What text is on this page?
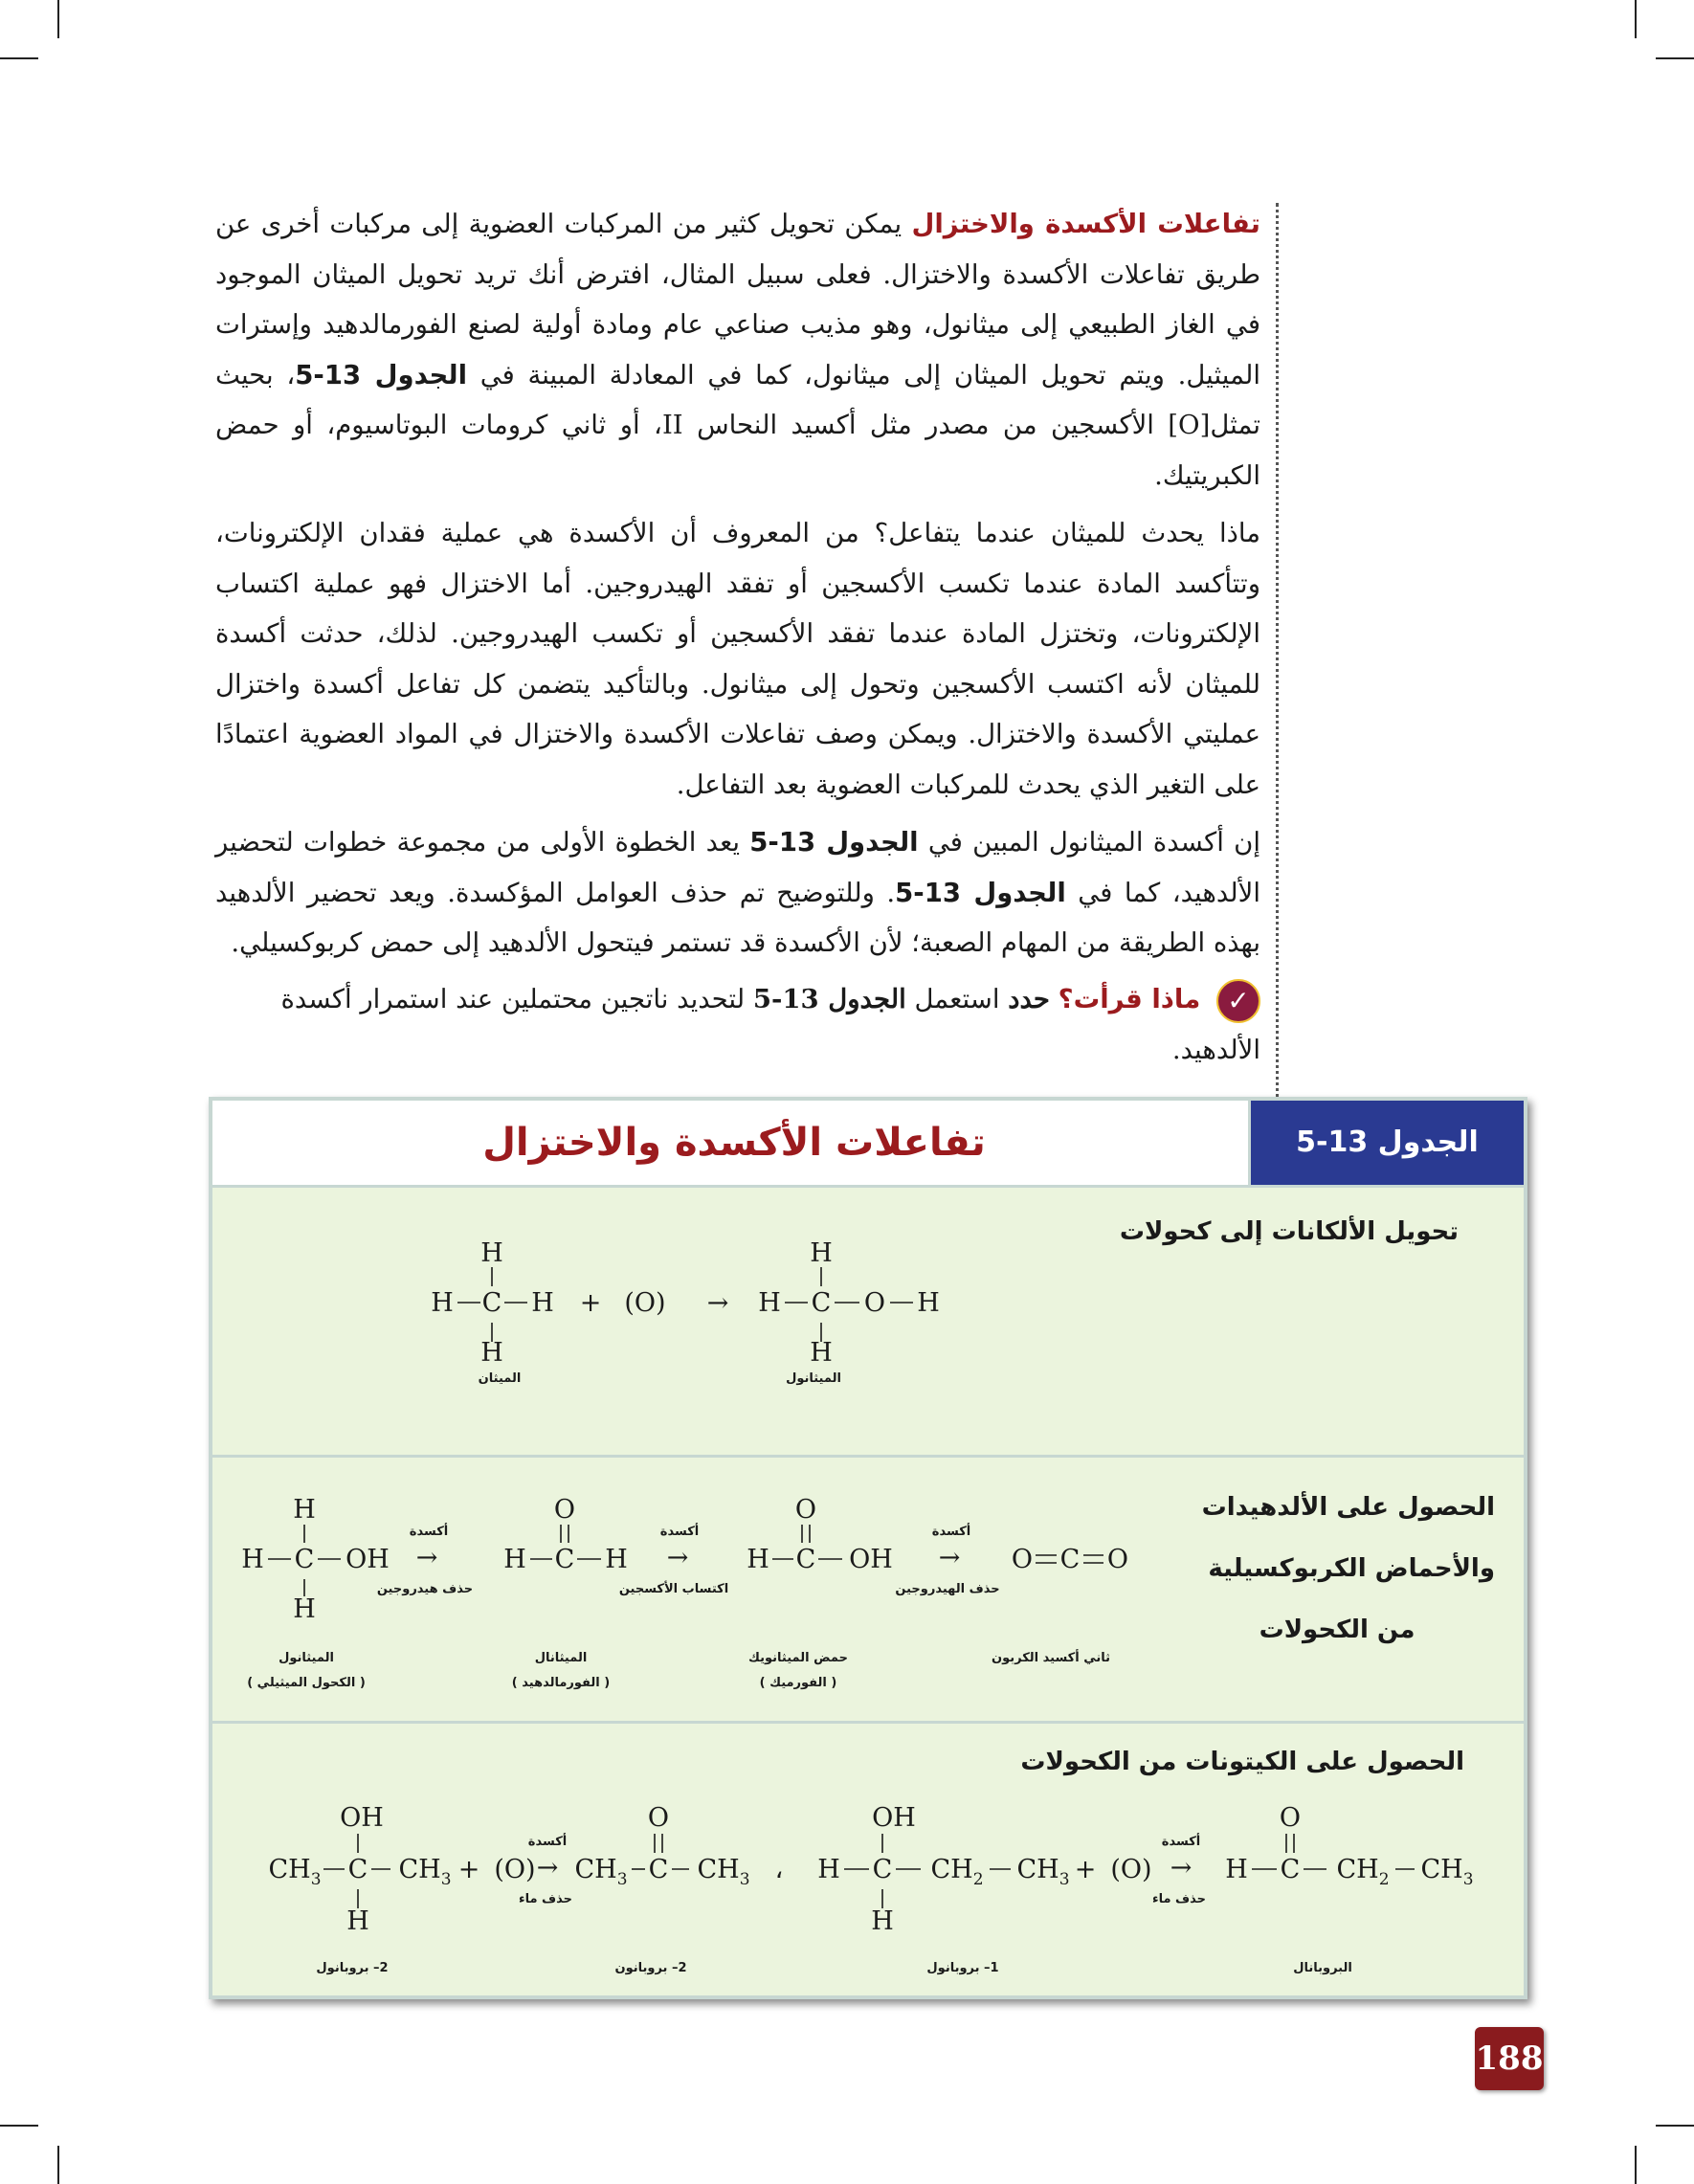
تفاعلات الأكسدة والاختزال يمكن تحويل كثير من المركبات العضوية إلى مركبات أخرى عن طريق تفاعلات الأكسدة والاختزال. فعلى سبيل المثال، افترض أنك تريد تحويل الميثان الموجود في الغاز الطبيعي إلى ميثانول، وهو مذيب صناعي عام ومادة أولية لصنع الفورمالدهيد وإسترات الميثيل. ويتم تحويل الميثان إلى ميثانول، كما في المعادلة المبينة في الجدول 13-5، بحيث تمثل[O] الأكسجين من مصدر مثل أكسيد النحاس II، أو ثاني كرومات البوتاسيوم، أو حمض الكبريتيك.

ماذا يحدث للميثان عندما يتفاعل؟ من المعروف أن الأكسدة هي عملية فقدان الإلكترونات، وتتأكسد المادة عندما تكسب الأكسجين أو تفقد الهيدروجين. أما الاختزال فهو عملية اكتساب الإلكترونات، وتختزل المادة عندما تفقد الأكسجين أو تكسب الهيدروجين. لذلك، حدثت أكسدة للميثان لأنه اكتسب الأكسجين وتحول إلى ميثانول. وبالتأكيد يتضمن كل تفاعل أكسدة واختزال عمليتي الأكسدة والاختزال. ويمكن وصف تفاعلات الأكسدة والاختزال في المواد العضوية اعتمادًا على التغير الذي يحدث للمركبات العضوية بعد التفاعل.

إن أكسدة الميثانول المبين في الجدول 13-5 يعد الخطوة الأولى من مجموعة خطوات لتحضير الألدهيد، كما في الجدول 13-5. وللتوضيح تم حذف العوامل المؤكسدة. ويعد تحضير الألدهيد بهذه الطريقة من المهام الصعبة؛ لأن الأكسدة قد تستمر فيتحول الألدهيد إلى حمض كربوكسيلي.

✓ ماذا قرأت؟ حدد استعمل الجدول 13-5 لتحديد ناتجين محتملين عند استمرار أكسدة الألدهيد.
تفاعلات الأكسدة والاختزال	الجدول 13-5
تحويل الألكانات إلى كحولات
الحصول على الألدهيدات
والأحماض الكربوكسيلية
من الكحولات
الحصول على الكيتونات من الكحولات
H
H C H
H
+ (O) →
H
H C O H
H
H
H C OH
H
→
O
H C H →
O
H C OH → O C O
OH
$CH_3$ C $CH_3$
H
+ (O) →
O
$CH_3$ C $CH_3$ ،
OH
H C $CH_2$ $CH_3$
H
+ (O) →
O
H C $CH_2$ $CH_3$
الميثان	الميثانول
أكسدة	أكسدة	أكسدة
حذف هيدروجين	اكتساب الأكسجين	حذف الهيدروجين
الميثانول
( الكحول الميثيلي )
الميثانال
( الفورمالدهيد )
حمض الميثانويك
( الفورميك )
ثاني أكسيد الكربون
أكسدة
حذف ماء
أكسدة
حذف ماء
2– بروبانول	2– بروبانون	1– بروبانول	البروبانال
188
